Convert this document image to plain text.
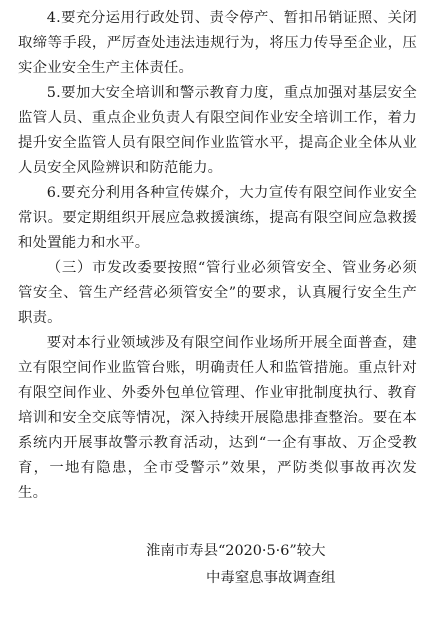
4.要充分运用行政处罚、责令停产、暂扣吊销证照、关闭取缔等手段，严厉查处违法违规行为，将压力传导至企业，压实企业安全生产主体责任。

5.要加大安全培训和警示教育力度，重点加强对基层安全监管人员、重点企业负责人有限空间作业安全培训工作，着力提升安全监管人员有限空间作业监管水平，提高企业全体从业人员安全风险辨识和防范能力。

6.要充分利用各种宣传媒介，大力宣传有限空间作业安全常识。要定期组织开展应急救援演练，提高有限空间应急救援和处置能力和水平。

（三）市发改委要按照“管行业必须管安全、管业务必须管安全、管生产经营必须管安全”的要求，认真履行安全生产职责。

要对本行业领域涉及有限空间作业场所开展全面普查，建立有限空间作业监管台账，明确责任人和监管措施。重点针对有限空间作业、外委外包单位管理、作业审批制度执行、教育培训和安全交底等情况，深入持续开展隐患排查整治。要在本系统内开展事故警示教育活动，达到“一企有事故、万企受教育，一地有隐患，全市受警示”效果，严防类似事故再次发生。

淮南市寿县“2020·5·6”较大
中毒窒息事故调查组
